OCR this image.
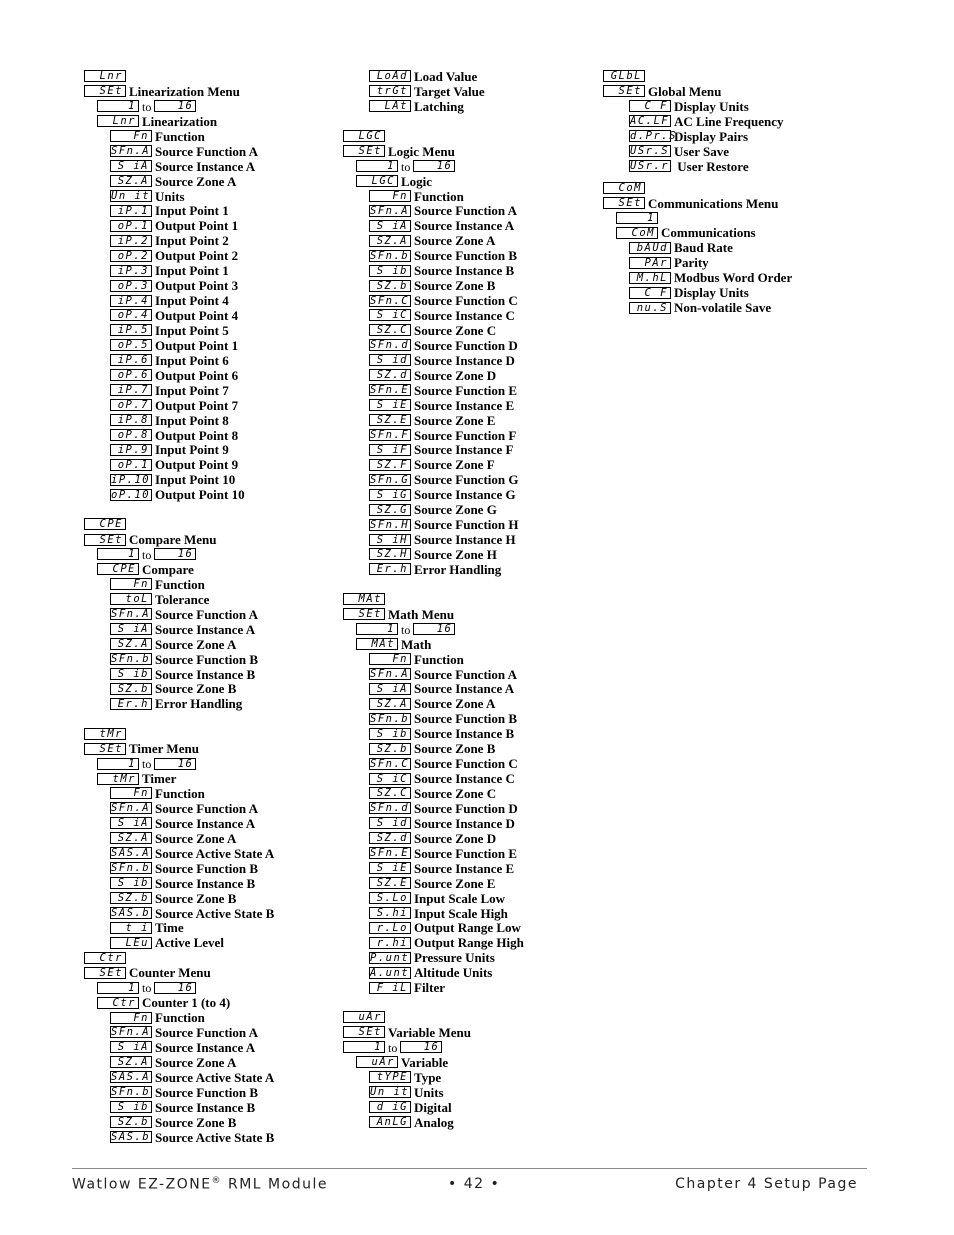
Lnr
SEt Linearization Menu
1 to	16
Lnr Linearization
Fn Function
SFn.A Source Function A
S iA Source Instance A
SZ.A Source Zone A
Un it Units
iP.1 Input Point 1
oP.1 Output Point 1
iP.2 Input Point 2
oP.2 Output Point 2
iP.3 Input Point 1
oP.3 Output Point 3
iP.4 Input Point 4
oP.4 Output Point 4
iP.5 Input Point 5
oP.5 Output Point 1
iP.6 Input Point 6
oP.6 Output Point 6
iP.7 Input Point 7
oP.7 Output Point 7
iP.8 Input Point 8
oP.8 Output Point 8
iP.9 Input Point 9
oP.1 Output Point 9
iP.10 Input Point 10
oP.10 Output Point 10
CPE
SEt Compare Menu
1 to	16
CPE Compare
Fn Function
toL Tolerance
SFn.A Source Function A
S iA Source Instance A
SZ.A Source Zone A
SFn.b Source Function B
S ib Source Instance B
SZ.b Source Zone B
Er.h Error Handling
tMr
SEt Timer Menu
1 to	16
tMr Timer
Fn Function
SFn.A Source Function A
S iA Source Instance A
SZ.A Source Zone A
SAS.A Source Active State A
SFn.b Source Function B
S ib Source Instance B
SZ.b Source Zone B
SAS.b Source Active State B
t i Time
LEu Active Level
Ctr
SEt Counter Menu
1 to	16
Ctr Counter 1 (to 4)
Fn Function
SFn.A Source Function A
S iA Source Instance A
SZ.A Source Zone A
SAS.A Source Active State A
SFn.b Source Function B
S ib Source Instance B
SZ.b Source Zone B
SAS.b Source Active State B
LoAd Load Value
trGt Target Value
LAt Latching
LGC
SEt Logic Menu
1 to	16
LGC Logic
Fn Function
SFn.A Source Function A
S iA Source Instance A
SZ.A Source Zone A
SFn.b Source Function B
S ib Source Instance B
SZ.b Source Zone B
SFn.C Source Function C
S iC Source Instance C
SZ.C Source Zone C
SFn.d Source Function D
S id Source Instance D
SZ.d Source Zone D
SFn.E Source Function E
S iE Source Instance E
SZ.E Source Zone E
SFn.F Source Function F
S iF Source Instance F
SZ.F Source Zone F
SFn.G Source Function G
S iG Source Instance G
SZ.G Source Zone G
SFn.H Source Function H
S iH Source Instance H
SZ.H Source Zone H
Er.h Error Handling
MAt
SEt Math Menu
1 to	16
MAt Math
Fn Function
SFn.A Source Function A
S iA Source Instance A
SZ.A Source Zone A
SFn.b Source Function B
S ib Source Instance B
SZ.b Source Zone B
SFn.C Source Function C
S iC Source Instance C
SZ.C Source Zone C
SFn.d Source Function D
S id Source Instance D
SZ.d Source Zone D
SFn.E Source Function E
S iE Source Instance E
SZ.E Source Zone E
S.Lo Input Scale Low
S.hi Input Scale High
r.Lo Output Range Low
r.hi Output Range High
P.unt Pressure Units
A.unt Altitude Units
F iL Filter
uAr
SEt Variable Menu
1 to	16
uAr Variable
tYPE Type
Un it Units
d iG Digital
AnLG Analog
GLbL
SEt Global Menu
C_F Display Units
AC.LF AC Line Frequency
d.Pr.SDisplay Pairs
USr.S User Save
USr.r User Restore
CoM
SEt Communications Menu
1
CoM Communications
bAUd Baud Rate
PAr Parity
M.hL Modbus Word Order
C_F Display Units
nu.S Non-volatile Save
Watlow EZ-ZONE® RML Module	• 42 •	Chapter 4 Setup Page
